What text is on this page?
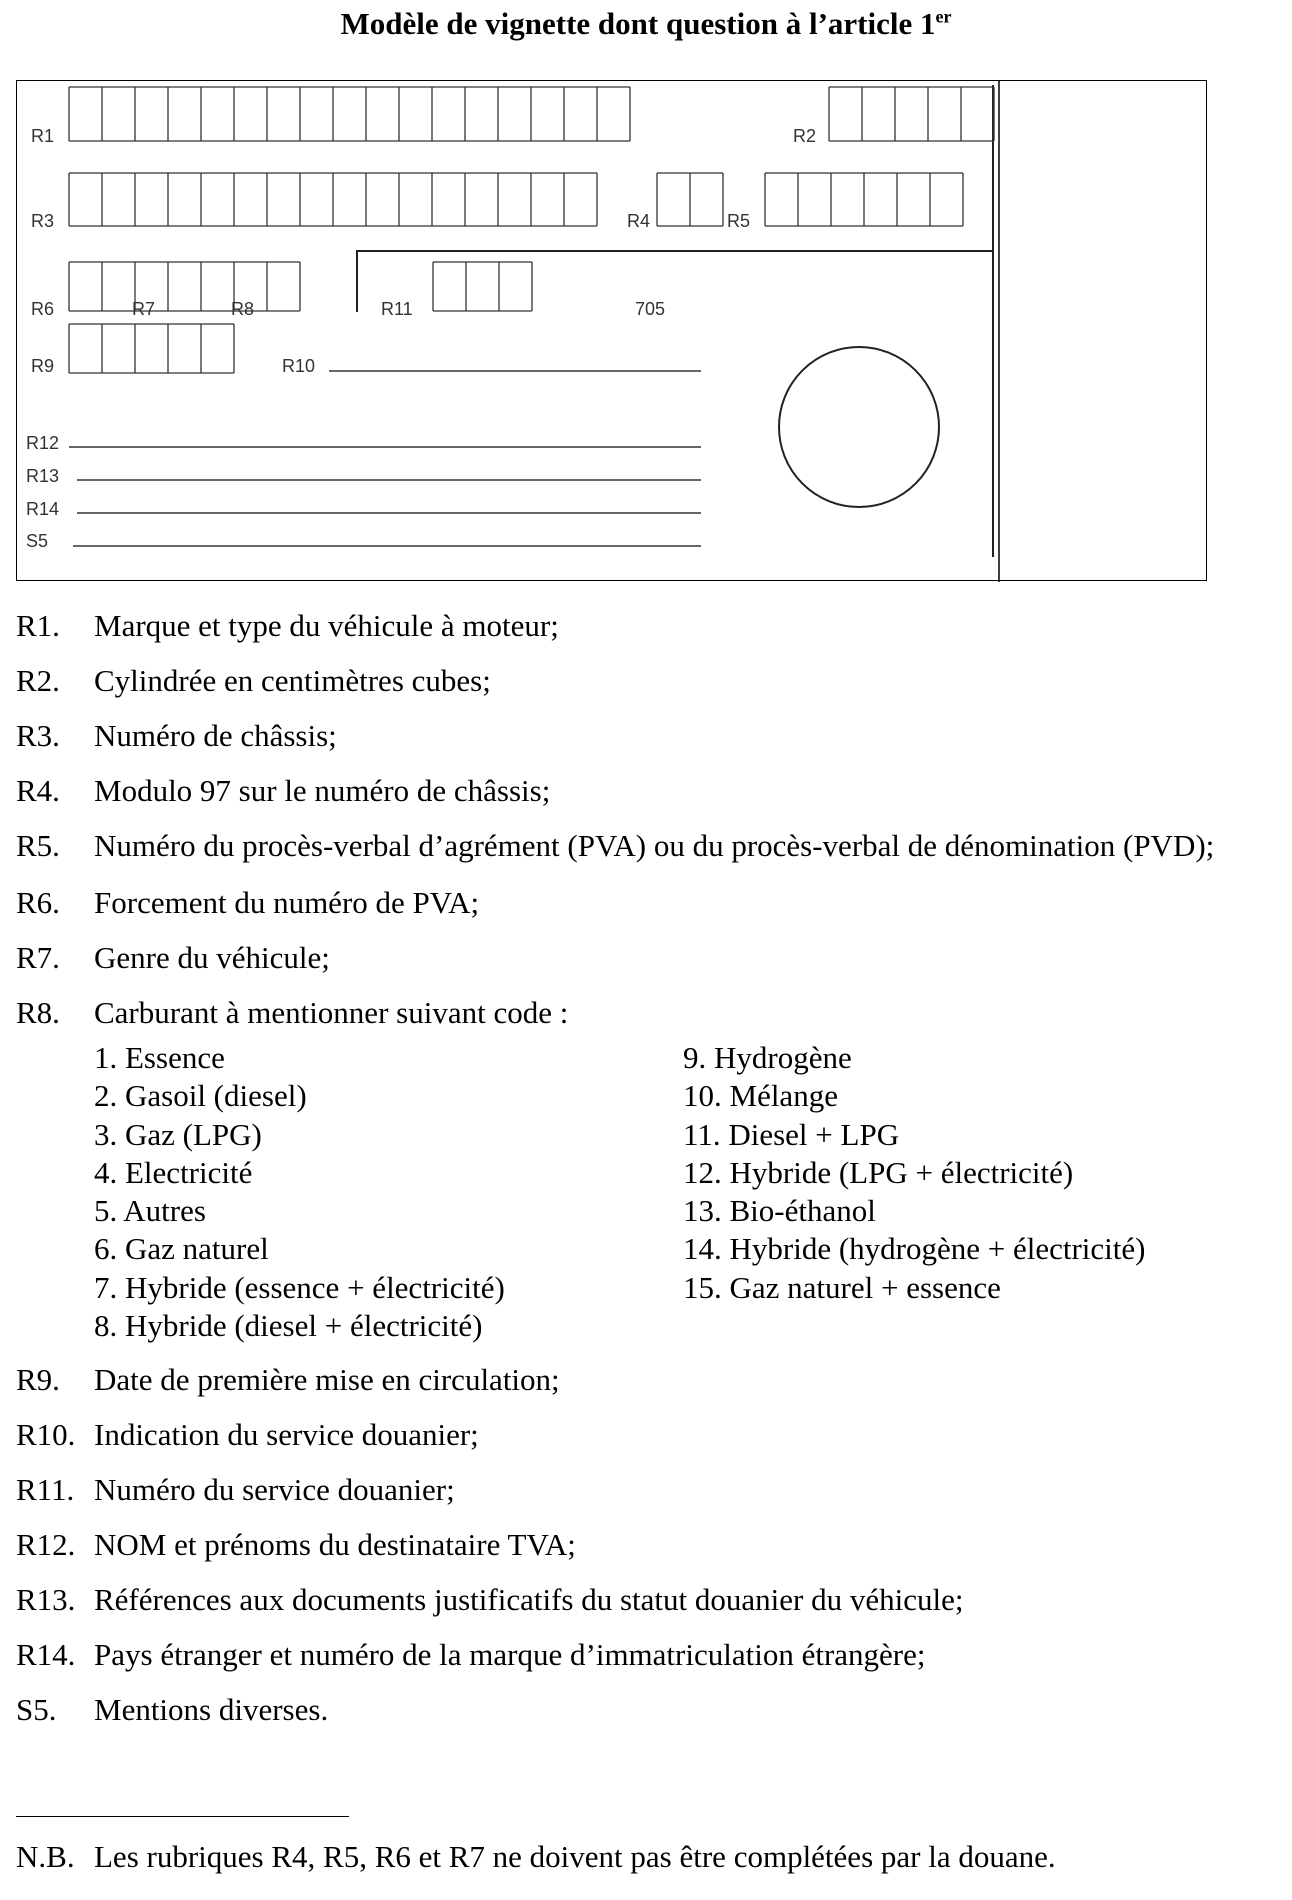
Modèle de vignette dont question à l’article 1er
R1	R2
R3	R4	R5
R6	R7	R8	R11	705
R9	R10
R12
R13
R14
S5
R1. Marque et type du véhicule à moteur;
R2. Cylindrée en centimètres cubes;
R3. Numéro de châssis;
R4. Modulo 97 sur le numéro de châssis;
R5. Numéro du procès-verbal d’agrément (PVA) ou du procès-verbal de dénomination (PVD);
R6. Forcement du numéro de PVA;
R7. Genre du véhicule;
R8. Carburant à mentionner suivant code :
1. Essence
2. Gasoil (diesel)
3. Gaz (LPG)
4. Electricité
5. Autres
6. Gaz naturel
7. Hybride (essence + électricité)
8. Hybride (diesel + électricité)
9. Hydrogène
10. Mélange
11. Diesel + LPG
12. Hybride (LPG + électricité)
13. Bio-éthanol
14. Hybride (hydrogène + électricité)
15. Gaz naturel + essence
R9. Date de première mise en circulation;
R10. Indication du service douanier;
R11. Numéro du service douanier;
R12. NOM et prénoms du destinataire TVA;
R13. Références aux documents justificatifs du statut douanier du véhicule;
R14. Pays étranger et numéro de la marque d’immatriculation étrangère;
S5. Mentions diverses.
N.B. Les rubriques R4, R5, R6 et R7 ne doivent pas être complétées par la douane.
